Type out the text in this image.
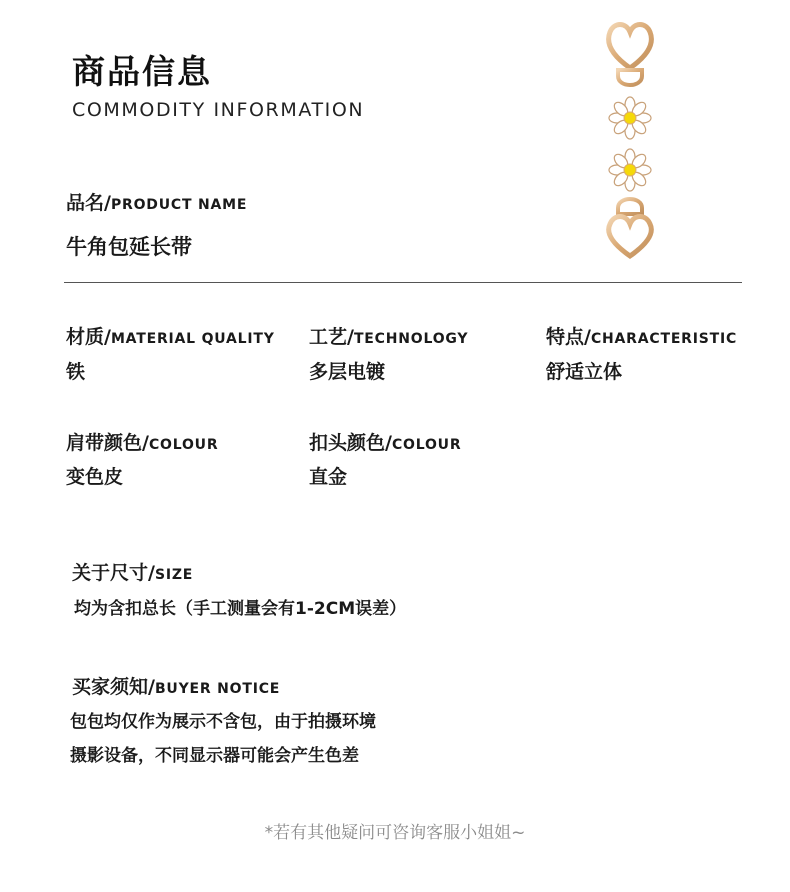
商品信息
COMMODITY INFORMATION
品名/PRODUCT NAME
牛角包延长带
材质/MATERIAL QUALITY
铁
工艺/TECHNOLOGY
多层电镀
特点/CHARACTERISTIC
舒适立体
肩带颜色/COLOUR
变色皮
扣头颜色/COLOUR
直金
关于尺寸/SIZE
均为含扣总长（手工测量会有1-2CM误差）
买家须知/BUYER NOTICE
包包均仅作为展示不含包，由于拍摄环境
摄影设备，不同显示器可能会产生色差
*若有其他疑问可咨询客服小姐姐~
